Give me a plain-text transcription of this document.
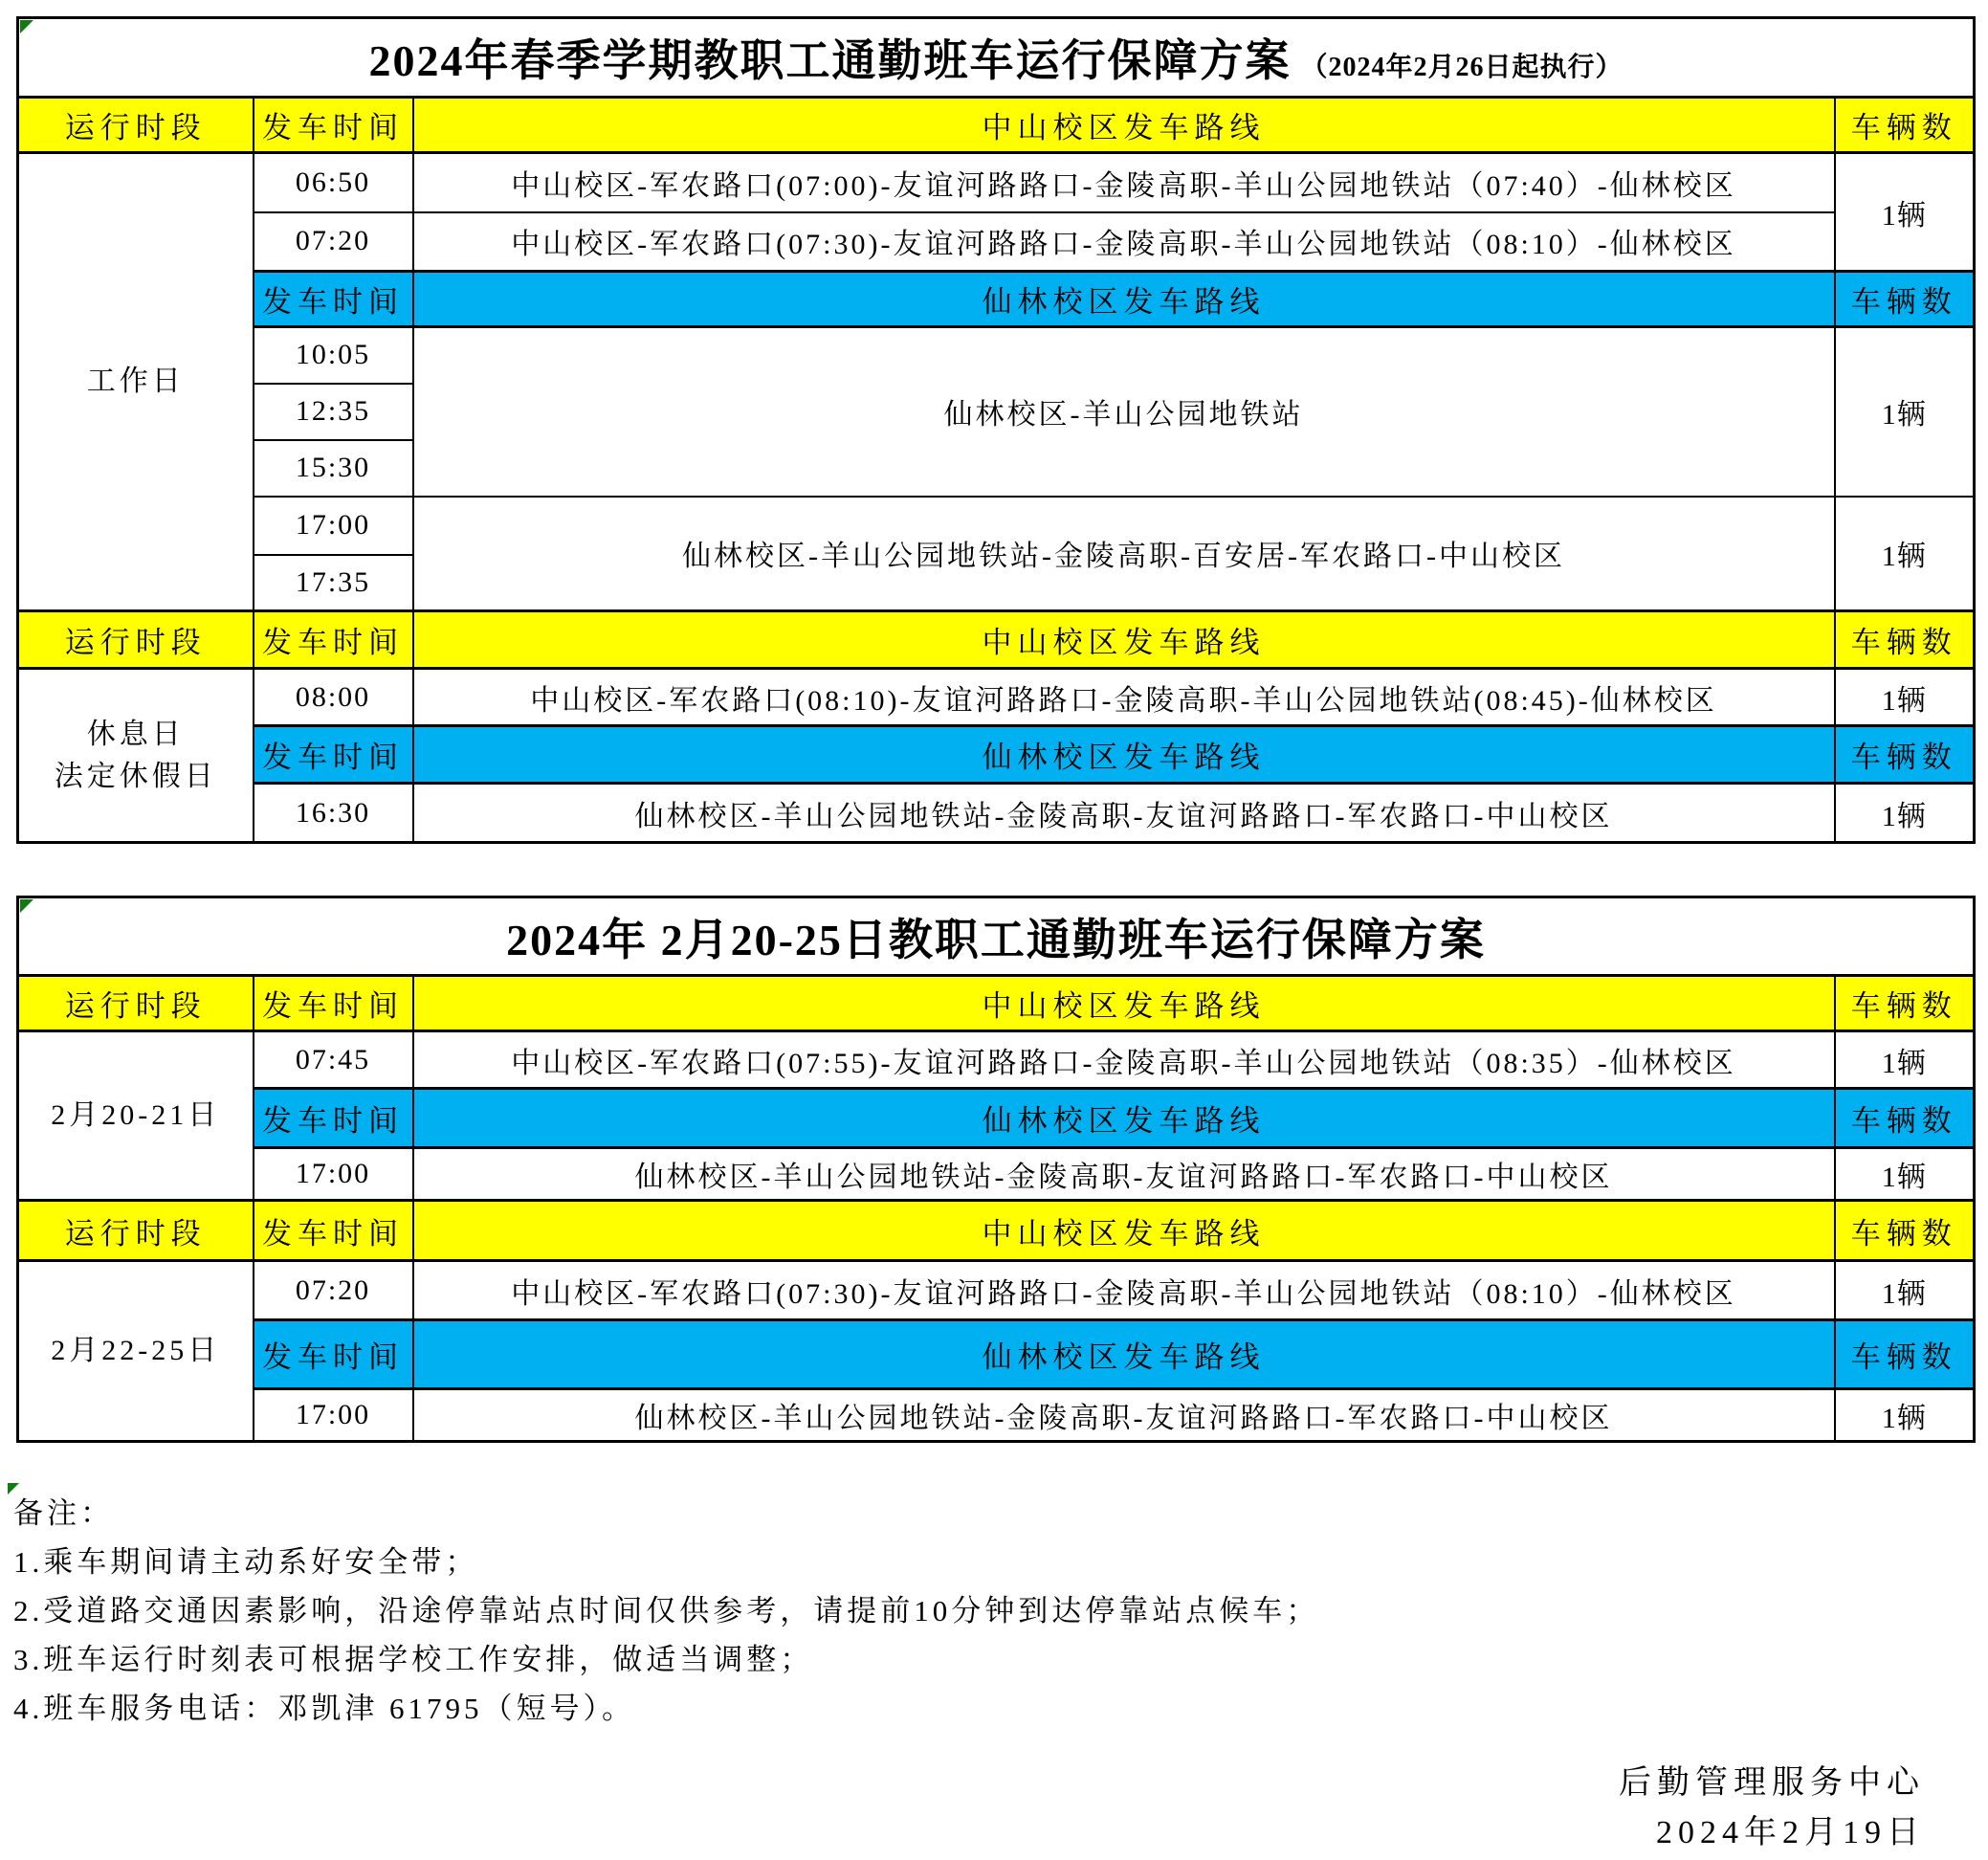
2024年春季学期教职工通勤班车运行保障方案 （2024年2月26日起执行）			
运行时段	发车时间	中山校区发车路线	车辆数
工作日	06:50	中山校区-军农路口(07:00)-友谊河路路口-金陵高职-羊山公园地铁站（07:40）-仙林校区	1辆
	07:20	中山校区-军农路口(07:30)-友谊河路路口-金陵高职-羊山公园地铁站（08:10）-仙林校区	
	发车时间	仙林校区发车路线	车辆数
	10:05	仙林校区-羊山公园地铁站	1辆
	12:35		
	15:30		
	17:00	仙林校区-羊山公园地铁站-金陵高职-百安居-军农路口-中山校区	1辆
	17:35		
运行时段	发车时间	中山校区发车路线	车辆数
休息日
法定休假日	08:00	中山校区-军农路口(08:10)-友谊河路路口-金陵高职-羊山公园地铁站(08:45)-仙林校区	1辆
	发车时间	仙林校区发车路线	车辆数
	16:30	仙林校区-羊山公园地铁站-金陵高职-友谊河路路口-军农路口-中山校区	1辆
2024年 2月20-25日教职工通勤班车运行保障方案			
运行时段	发车时间	中山校区发车路线	车辆数
2月20-21日	07:45	中山校区-军农路口(07:55)-友谊河路路口-金陵高职-羊山公园地铁站（08:35）-仙林校区	1辆
	发车时间	仙林校区发车路线	车辆数
	17:00	仙林校区-羊山公园地铁站-金陵高职-友谊河路路口-军农路口-中山校区	1辆
运行时段	发车时间	中山校区发车路线	车辆数
2月22-25日	07:20	中山校区-军农路口(07:30)-友谊河路路口-金陵高职-羊山公园地铁站（08:10）-仙林校区	1辆
	发车时间	仙林校区发车路线	车辆数
	17:00	仙林校区-羊山公园地铁站-金陵高职-友谊河路路口-军农路口-中山校区	1辆
备注：
1.乘车期间请主动系好安全带；
2.受道路交通因素影响，沿途停靠站点时间仅供参考，请提前10分钟到达停靠站点候车；
3.班车运行时刻表可根据学校工作安排，做适当调整；
4.班车服务电话：邓凯津 61795（短号）。
后勤管理服务中心
2024年2月19日
